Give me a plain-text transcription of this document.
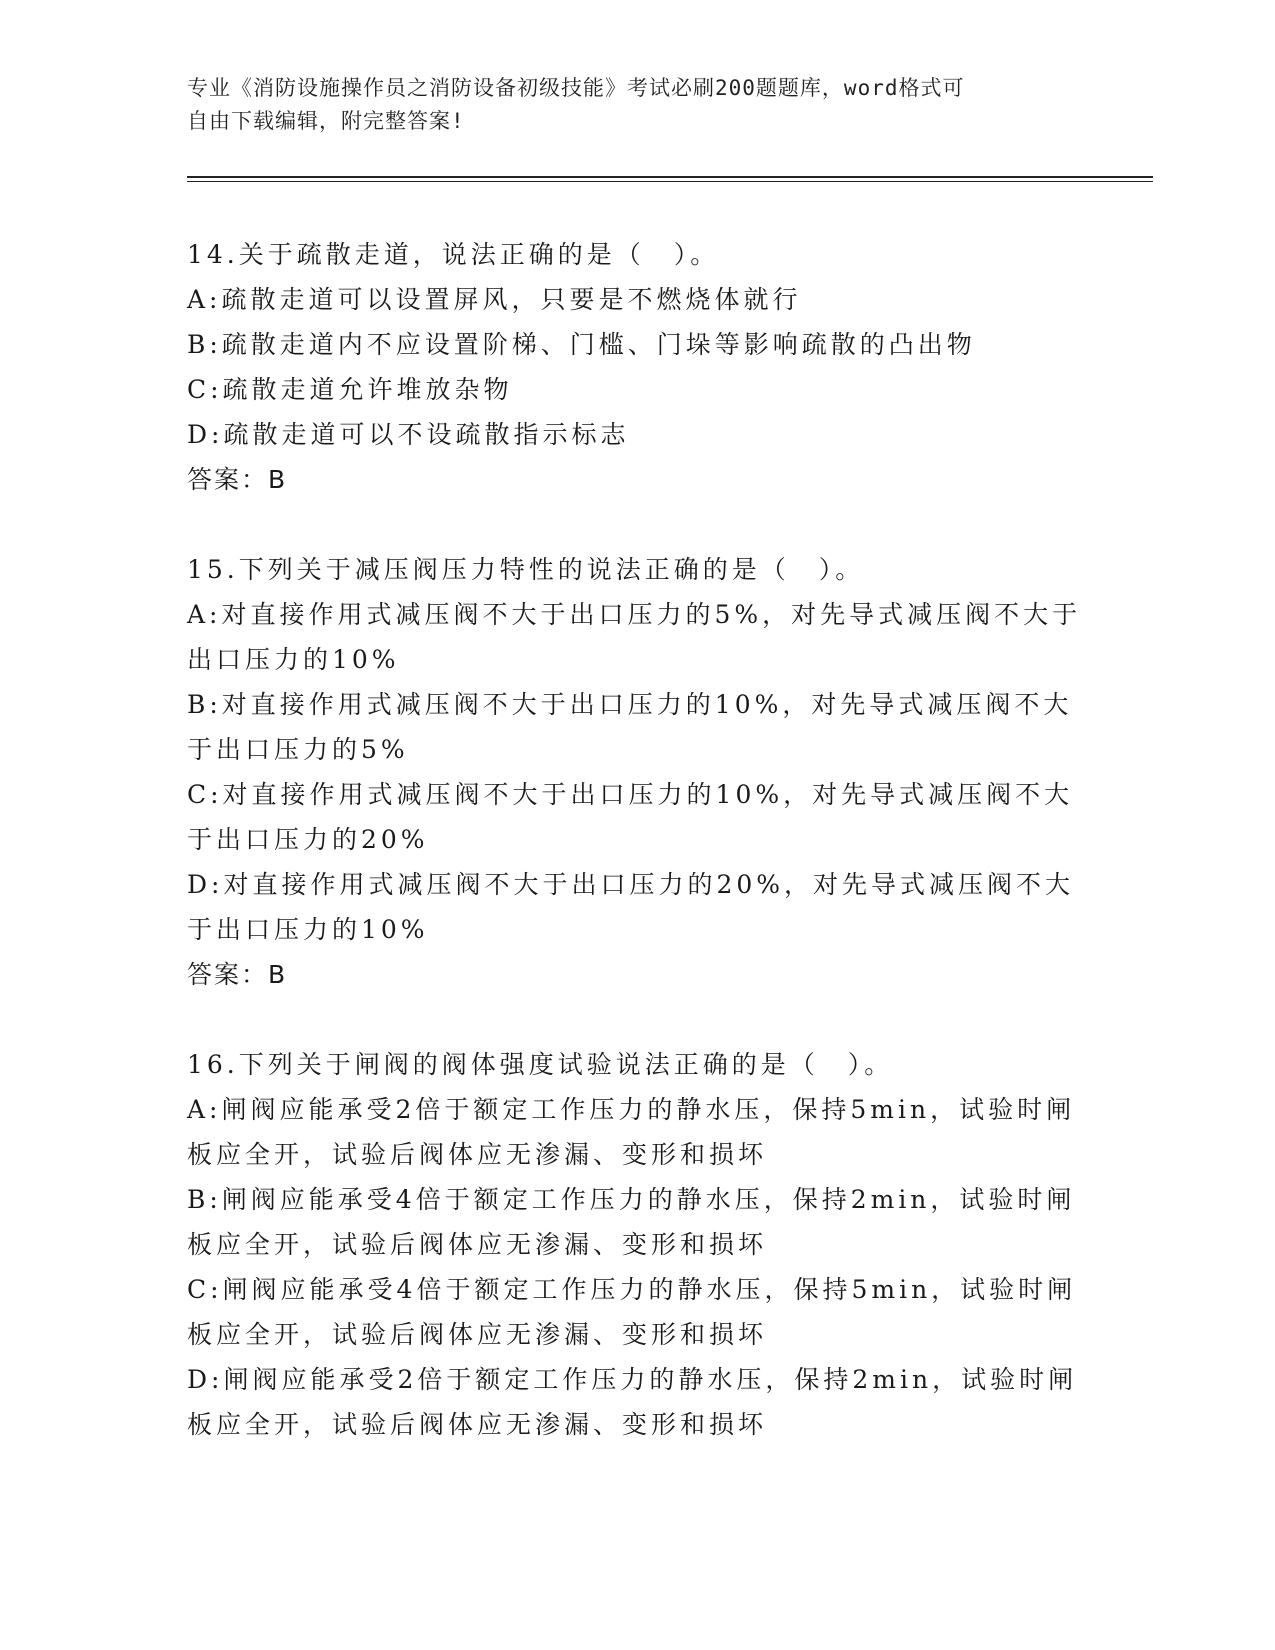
专业《消防设施操作员之消防设备初级技能》考试必刷200题题库，word格式可
自由下载编辑，附完整答案!
14.关于疏散走道，说法正确的是（　）。
A:疏散走道可以设置屏风，只要是不燃烧体就行
B:疏散走道内不应设置阶梯、门槛、门垛等影响疏散的凸出物
C:疏散走道允许堆放杂物
D:疏散走道可以不设疏散指示标志
答案：B
15.下列关于减压阀压力特性的说法正确的是（　）。
A:对直接作用式减压阀不大于出口压力的5%，对先导式减压阀不大于
出口压力的10%
B:对直接作用式减压阀不大于出口压力的10%，对先导式减压阀不大
于出口压力的5%
C:对直接作用式减压阀不大于出口压力的10%，对先导式减压阀不大
于出口压力的20%
D:对直接作用式减压阀不大于出口压力的20%，对先导式减压阀不大
于出口压力的10%
答案：B
16.下列关于闸阀的阀体强度试验说法正确的是（　）。
A:闸阀应能承受2倍于额定工作压力的静水压，保持5min，试验时闸
板应全开，试验后阀体应无渗漏、变形和损坏
B:闸阀应能承受4倍于额定工作压力的静水压，保持2min，试验时闸
板应全开，试验后阀体应无渗漏、变形和损坏
C:闸阀应能承受4倍于额定工作压力的静水压，保持5min，试验时闸
板应全开，试验后阀体应无渗漏、变形和损坏
D:闸阀应能承受2倍于额定工作压力的静水压，保持2min，试验时闸
板应全开，试验后阀体应无渗漏、变形和损坏
